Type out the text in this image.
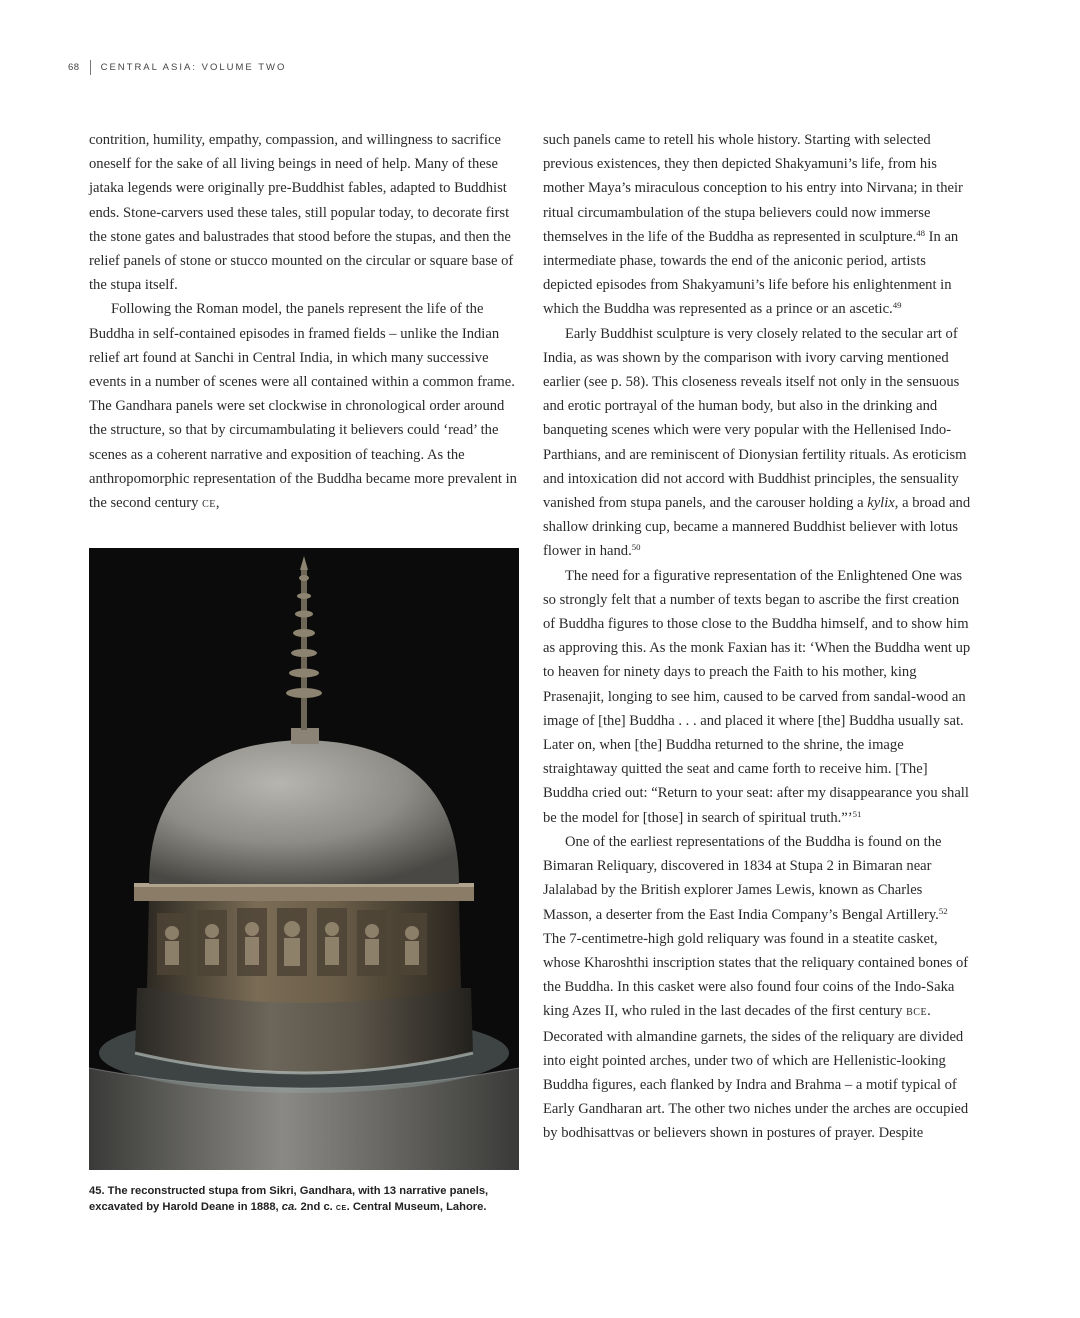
68 CENTRAL ASIA: VOLUME TWO

contrition, humility, empathy, compassion, and willingness to sacrifice oneself for the sake of all living beings in need of help. Many of these jataka legends were originally pre-Buddhist fables, adapted to Buddhist ends. Stone-carvers used these tales, still popular today, to decorate first the stone gates and balustrades that stood before the stupas, and then the relief panels of stone or stucco mounted on the circular or square base of the stupa itself.

Following the Roman model, the panels represent the life of the Buddha in self-contained episodes in framed fields – unlike the Indian relief art found at Sanchi in Central India, in which many successive events in a number of scenes were all contained within a common frame. The Gandhara panels were set clockwise in chronological order around the structure, so that by circumambulating it believers could ‘read’ the scenes as a coherent narrative and exposition of teaching. As the anthropomorphic representation of the Buddha became more prevalent in the second century ce,

45. The reconstructed stupa from Sikri, Gandhara, with 13 narrative panels, excavated by Harold Deane in 1888, ca. 2nd c. ce. Central Museum, Lahore.

such panels came to retell his whole history. Starting with selected previous existences, they then depicted Shakyamuni’s life, from his mother Maya’s miraculous conception to his entry into Nirvana; in their ritual circumambulation of the stupa believers could now immerse themselves in the life of the Buddha as represented in sculpture.$^{48}$ In an intermediate phase, towards the end of the aniconic period, artists depicted episodes from Shakyamuni’s life before his enlightenment in which the Buddha was represented as a prince or an ascetic.$^{49}$

Early Buddhist sculpture is very closely related to the secular art of India, as was shown by the comparison with ivory carving mentioned earlier (see p. 58). This closeness reveals itself not only in the sensuous and erotic portrayal of the human body, but also in the drinking and banqueting scenes which were very popular with the Hellenised Indo-Parthians, and are reminiscent of Dionysian fertility rituals. As eroticism and intoxication did not accord with Buddhist principles, the sensuality vanished from stupa panels, and the carouser holding a kylix, a broad and shallow drinking cup, became a mannered Buddhist believer with lotus flower in hand.$^{50}$

The need for a figurative representation of the Enlightened One was so strongly felt that a number of texts began to ascribe the first creation of Buddha figures to those close to the Buddha himself, and to show him as approving this. As the monk Faxian has it: ‘When the Buddha went up to heaven for ninety days to preach the Faith to his mother, king Prasenajit, longing to see him, caused to be carved from sandal-wood an image of [the] Buddha . . . and placed it where [the] Buddha usually sat. Later on, when [the] Buddha returned to the shrine, the image straightaway quitted the seat and came forth to receive him. [The] Buddha cried out: “Return to your seat: after my disappearance you shall be the model for [those] in search of spiritual truth.”’$^{51}$

One of the earliest representations of the Buddha is found on the Bimaran Reliquary, discovered in 1834 at Stupa 2 in Bimaran near Jalalabad by the British explorer James Lewis, known as Charles Masson, a deserter from the East India Company’s Bengal Artillery.$^{52}$ The 7-centimetre-high gold reliquary was found in a steatite casket, whose Kharoshthi inscription states that the reliquary contained bones of the Buddha. In this casket were also found four coins of the Indo-Saka king Azes II, who ruled in the last decades of the first century bce. Decorated with almandine garnets, the sides of the reliquary are divided into eight pointed arches, under two of which are Hellenistic-looking Buddha figures, each flanked by Indra and Brahma – a motif typical of Early Gandharan art. The other two niches under the arches are occupied by bodhisattvas or believers shown in postures of prayer. Despite
